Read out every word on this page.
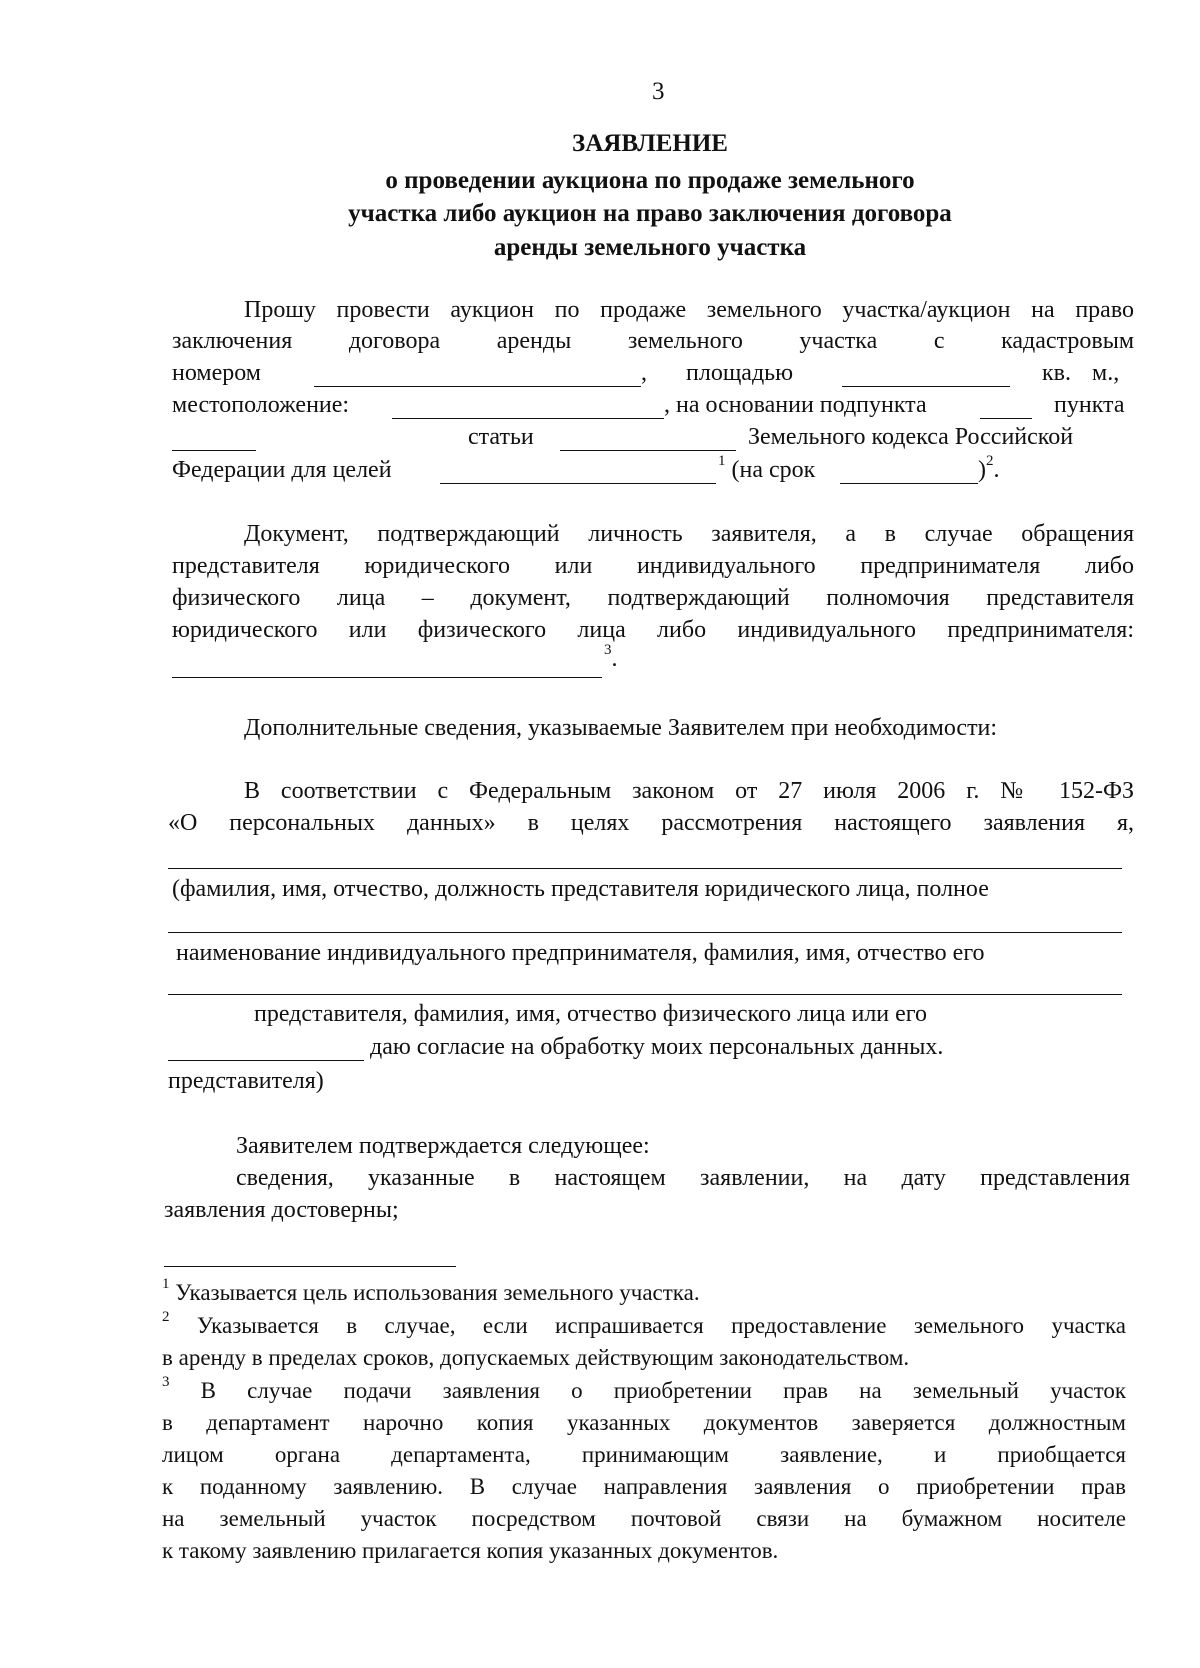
3
ЗАЯВЛЕНИЕ
о проведении аукциона по продаже земельного
участка либо аукцион на право заключения договора
аренды земельного участка
Прошу провести аукцион по продаже земельного участка/аукцион на право
заключения договора аренды земельного участка с кадастровым
номером	, площадью	кв. м.,
местоположение:	, на основании подпункта	пункта
статьи	Земельного кодекса Российской
Федерации для целей	$^1$ (на срок	)$^2$.
Документ, подтверждающий личность заявителя, а в случае обращения
представителя юридического или индивидуального предпринимателя либо
физического лица – документ, подтверждающий полномочия представителя
юридического или физического лица либо индивидуального предпринимателя:
$^3$.
Дополнительные сведения, указываемые Заявителем при необходимости:
В соответствии с Федеральным законом от 27 июля 2006 г. № 152-ФЗ
«О персональных данных» в целях рассмотрения настоящего заявления я,
(фамилия, имя, отчество, должность представителя юридического лица, полное
наименование индивидуального предпринимателя, фамилия, имя, отчество его
представителя, фамилия, имя, отчество физического лица или его
даю согласие на обработку моих персональных данных.
представителя)
Заявителем подтверждается следующее:
сведения, указанные в настоящем заявлении, на дату представления
заявления достоверны;
$^1$ Указывается цель использования земельного участка.
$^2$ Указывается в случае, если испрашивается предоставление земельного участка
в аренду в пределах сроков, допускаемых действующим законодательством.
$^3$ В случае подачи заявления о приобретении прав на земельный участок
в департамент нарочно копия указанных документов заверяется должностным
лицом органа департамента, принимающим заявление, и приобщается
к поданному заявлению. В случае направления заявления о приобретении прав
на земельный участок посредством почтовой связи на бумажном носителе
к такому заявлению прилагается копия указанных документов.
